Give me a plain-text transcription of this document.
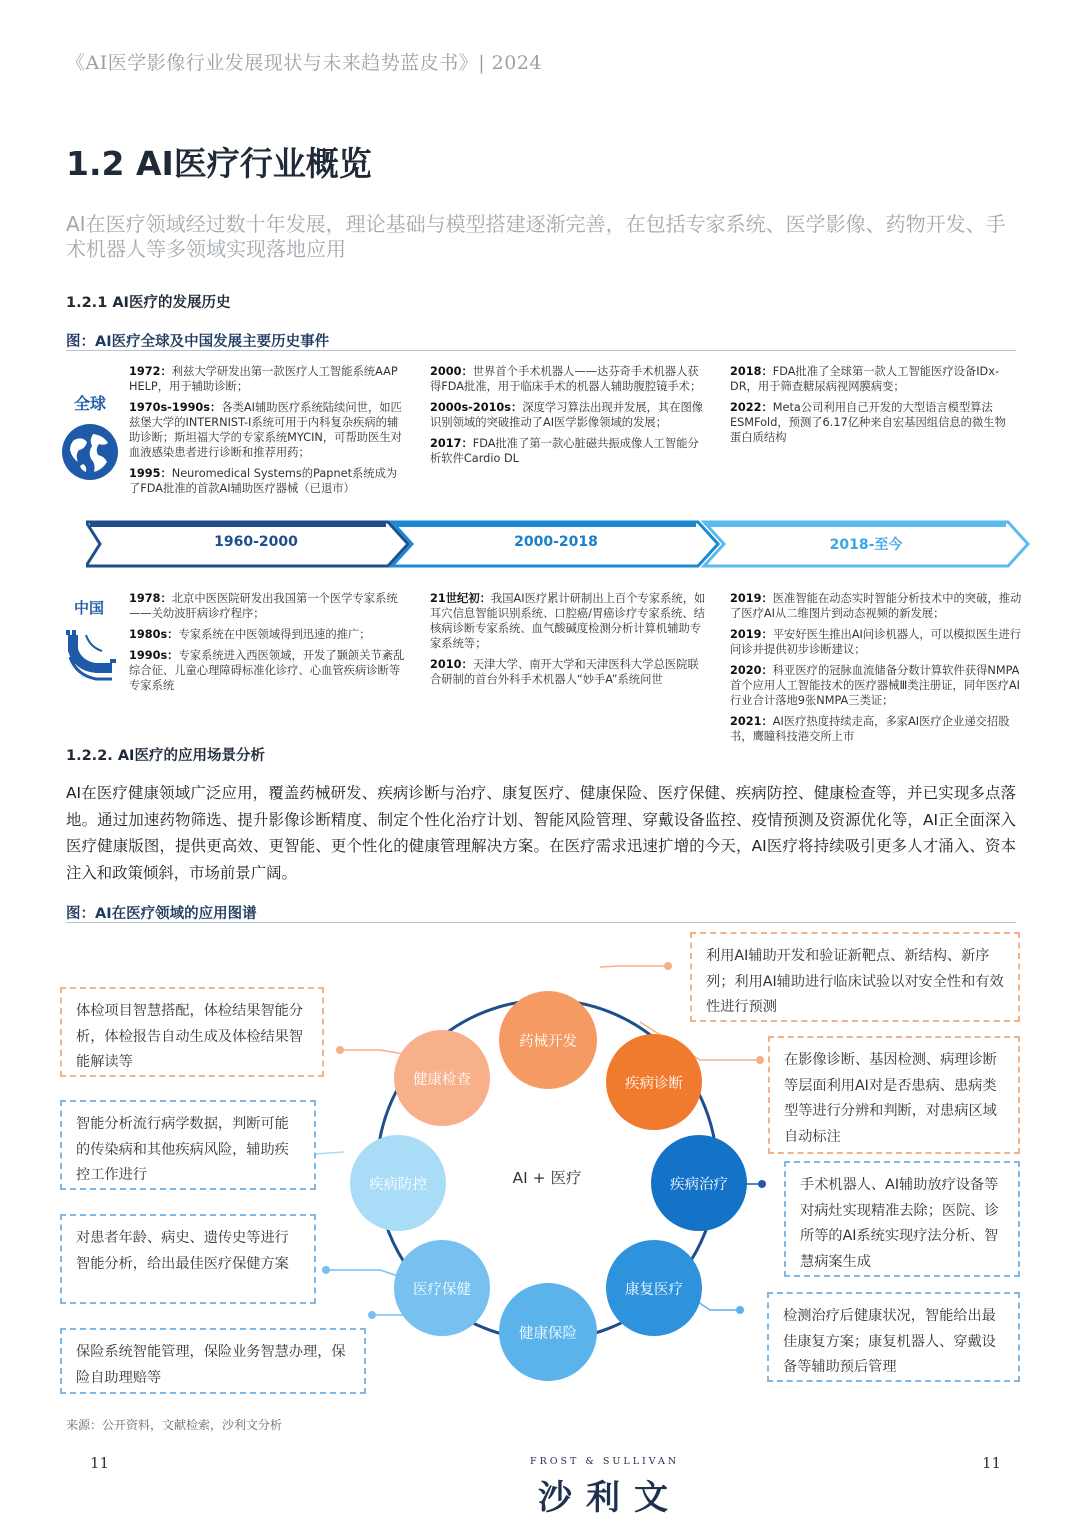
《AI医学影像行业发展现状与未来趋势蓝皮书》| 2024
1.2 AI医疗行业概览
AI在医疗领域经过数十年发展，理论基础与模型搭建逐渐完善，在包括专家系统、医学影像、药物开发、手术机器人等多领域实现落地应用
1.2.1 AI医疗的发展历史
图：AI医疗全球及中国发展主要历史事件
全球
中国

1972：利兹大学研发出第一款医疗人工智能系统AAP HELP，用于辅助诊断；

1970s-1990s：各类AI辅助医疗系统陆续问世，如匹兹堡大学的INTERNIST-I系统可用于内科复杂疾病的辅助诊断；斯坦福大学的专家系统MYCIN，可帮助医生对血液感染患者进行诊断和推荐用药；

1995：Neuromedical Systems的Papnet系统成为了FDA批准的首款AI辅助医疗器械（已退市）

2000：世界首个手术机器人——达芬奇手术机器人获得FDA批准，用于临床手术的机器人辅助腹腔镜手术；

2000s-2010s：深度学习算法出现并发展，其在图像识别领域的突破推动了AI医学影像领域的发展；

2017：FDA批准了第一款心脏磁共振成像人工智能分析软件Cardio DL

2018：FDA批准了全球第一款人工智能医疗设备IDx-DR，用于筛查糖尿病视网膜病变；

2022：Meta公司利用自己开发的大型语言模型算法ESMFold，预测了6.17亿种来自宏基因组信息的微生物蛋白质结构

1960-2000	2000-2018	2018-至今

1978：北京中医医院研发出我国第一个医学专家系统——关幼波肝病诊疗程序；

1980s：专家系统在中医领域得到迅速的推广；

1990s：专家系统进入西医领域，开发了颞颌关节紊乱综合征、儿童心理障碍标准化诊疗、心血管疾病诊断等专家系统

21世纪初：我国AI医疗累计研制出上百个专家系统，如耳穴信息智能识别系统、口腔癌/胃癌诊疗专家系统、结核病诊断专家系统、血气酸碱度检测分析计算机辅助专家系统等；

2010：天津大学、南开大学和天津医科大学总医院联合研制的首台外科手术机器人“妙手A”系统问世

2019：医准智能在动态实时智能分析技术中的突破，推动了医疗AI从二维图片到动态视频的新发展；

2019：平安好医生推出AI问诊机器人，可以模拟医生进行问诊并提供初步诊断建议；

2020：科亚医疗的冠脉血流储备分数计算软件获得NMPA首个应用人工智能技术的医疗器械Ⅲ类注册证，同年医疗AI行业合计落地9张NMPA三类证；

2021：AI医疗热度持续走高，多家AI医疗企业递交招股书，鹰瞳科技港交所上市

1.2.2. AI医疗的应用场景分析
AI在医疗健康领域广泛应用，覆盖药械研发、疾病诊断与治疗、康复医疗、健康保险、医疗保健、疾病防控、健康检查等，并已实现多点落地。通过加速药物筛选、提升影像诊断精度、制定个性化治疗计划、智能风险管理、穿戴设备监控、疫情预测及资源优化等，AI正全面深入医疗健康版图，提供更高效、更智能、更个性化的健康管理解决方案。在医疗需求迅速扩增的今天，AI医疗将持续吸引更多人才涌入、资本注入和政策倾斜，市场前景广阔。
图：AI在医疗领域的应用图谱
AI + 医疗
药械开发
疾病诊断
疾病治疗
康复医疗
健康保险
医疗保健
疾病防控
健康检查
利用AI辅助开发和验证新靶点、新结构、新序列；利用AI辅助进行临床试验以对安全性和有效性进行预测
在影像诊断、基因检测、病理诊断等层面利用AI对是否患病、患病类型等进行分辨和判断，对患病区域自动标注
手术机器人、AI辅助放疗设备等对病灶实现精准去除；医院、诊所等的AI系统实现疗法分析、智慧病案生成
检测治疗后健康状况，智能给出最佳康复方案；康复机器人、穿戴设备等辅助预后管理
体检项目智慧搭配，体检结果智能分析，体检报告自动生成及体检结果智能解读等
智能分析流行病学数据，判断可能的传染病和其他疾病风险，辅助疾控工作进行
对患者年龄、病史、遗传史等进行智能分析，给出最佳医疗保健方案
保险系统智能管理，保险业务智慧办理，保险自助理赔等
来源：公开资料，文献检索，沙利文分析
11	11
FROST & SULLIVAN
沙利文
